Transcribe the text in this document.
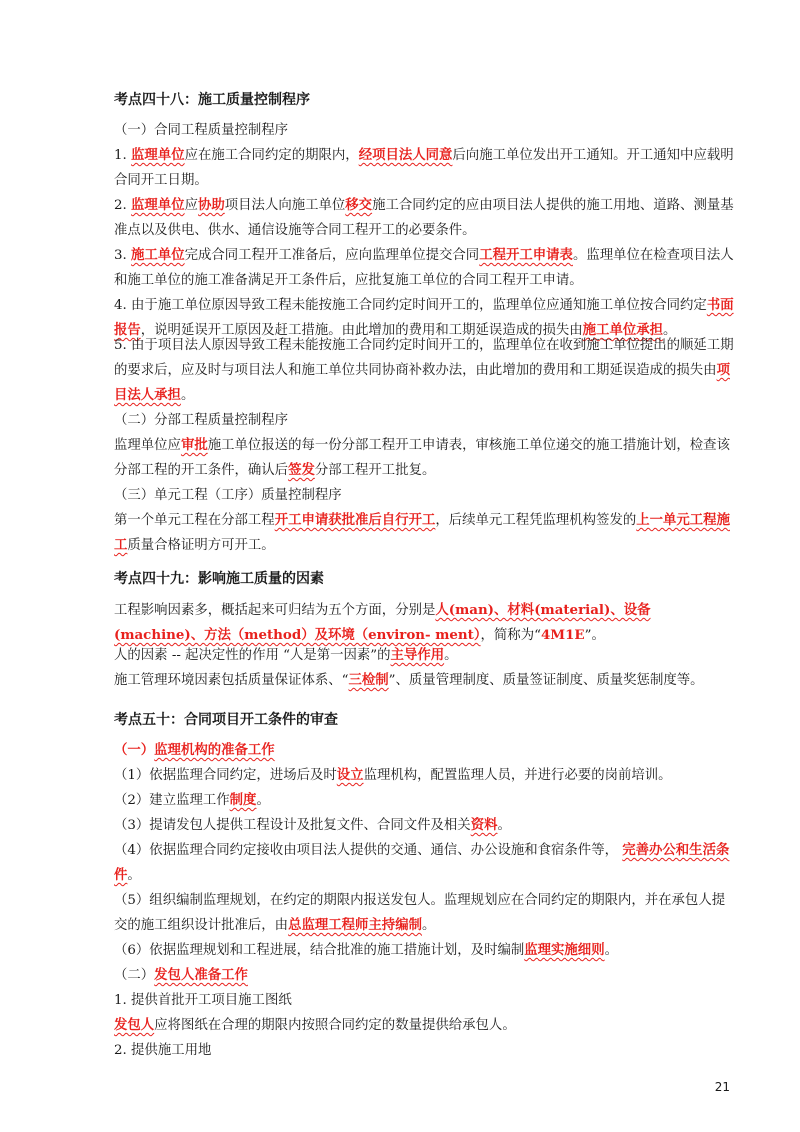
考点四十八：施工质量控制程序
（一）合同工程质量控制程序
1. 监理单位应在施工合同约定的期限内，经项目法人同意后向施工单位发出开工通知。开工通知中应载明合同开工日期。
2. 监理单位应协助项目法人向施工单位移交施工合同约定的应由项目法人提供的施工用地、道路、测量基准点以及供电、供水、通信设施等合同工程开工的必要条件。
3. 施工单位完成合同工程开工准备后，应向监理单位提交合同工程开工申请表。监理单位在检查项目法人和施工单位的施工准备满足开工条件后，应批复施工单位的合同工程开工申请。
4. 由于施工单位原因导致工程未能按施工合同约定时间开工的，监理单位应通知施工单位按合同约定书面报告，说明延误开工原因及赶工措施。由此增加的费用和工期延误造成的损失由施工单位承担。
5. 由于项目法人原因导致工程未能按施工合同约定时间开工的，监理单位在收到施工单位提出的顺延工期的要求后，应及时与项目法人和施工单位共同协商补救办法，由此增加的费用和工期延误造成的损失由项目法人承担。
（二）分部工程质量控制程序
监理单位应审批施工单位报送的每一份分部工程开工申请表，审核施工单位递交的施工措施计划，检查该分部工程的开工条件，确认后签发分部工程开工批复。
（三）单元工程（工序）质量控制程序
第一个单元工程在分部工程开工申请获批准后自行开工，后续单元工程凭监理机构签发的上一单元工程施工质量合格证明方可开工。
考点四十九：影响施工质量的因素
工程影响因素多，概括起来可归结为五个方面，分别是人(man)、材料(material)、设备(machine)、方法（method）及环境（environ- ment），简称为“4M1E”。
人的因素 -- 起决定性的作用 “人是第一因素”的主导作用。
施工管理环境因素包括质量保证体系、“三检制”、质量管理制度、质量签证制度、质量奖惩制度等。
考点五十：合同项目开工条件的审查
（一）监理机构的准备工作
（1）依据监理合同约定，进场后及时设立监理机构，配置监理人员，并进行必要的岗前培训。
（2）建立监理工作制度。
（3）提请发包人提供工程设计及批复文件、合同文件及相关资料。
（4）依据监理合同约定接收由项目法人提供的交通、通信、办公设施和食宿条件等， 完善办公和生活条件。
（5）组织编制监理规划，在约定的期限内报送发包人。监理规划应在合同约定的期限内，并在承包人提交的施工组织设计批准后，由总监理工程师主持编制。
（6）依据监理规划和工程进展，结合批准的施工措施计划，及时编制监理实施细则。
（二）发包人准备工作
1. 提供首批开工项目施工图纸
发包人应将图纸在合理的期限内按照合同约定的数量提供给承包人。
2. 提供施工用地
21
